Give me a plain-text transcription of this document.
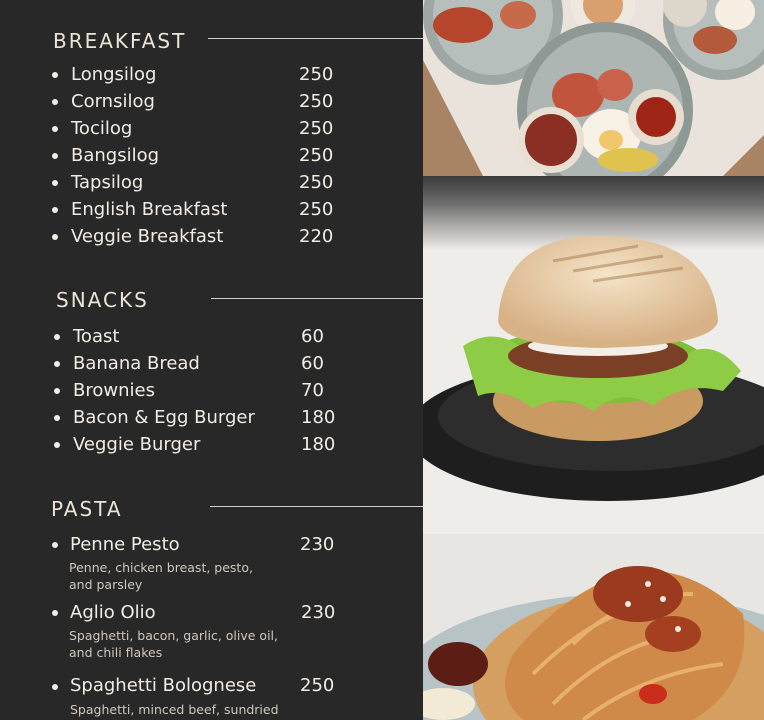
BREAKFAST
Longsilog	250
Cornsilog	250
Tocilog	250
Bangsilog	250
Tapsilog	250
English Breakfast	250
Veggie Breakfast	220
SNACKS
Toast	60
Banana Bread	60
Brownies	70
Bacon & Egg Burger	180
Veggie Burger	180
PASTA
Penne Pesto	230
Penne, chicken breast, pesto,
and parsley
Aglio Olio	230
Spaghetti, bacon, garlic, olive oil,
and chili flakes
Spaghetti Bolognese 250
Spaghetti, minced beef, sundried
